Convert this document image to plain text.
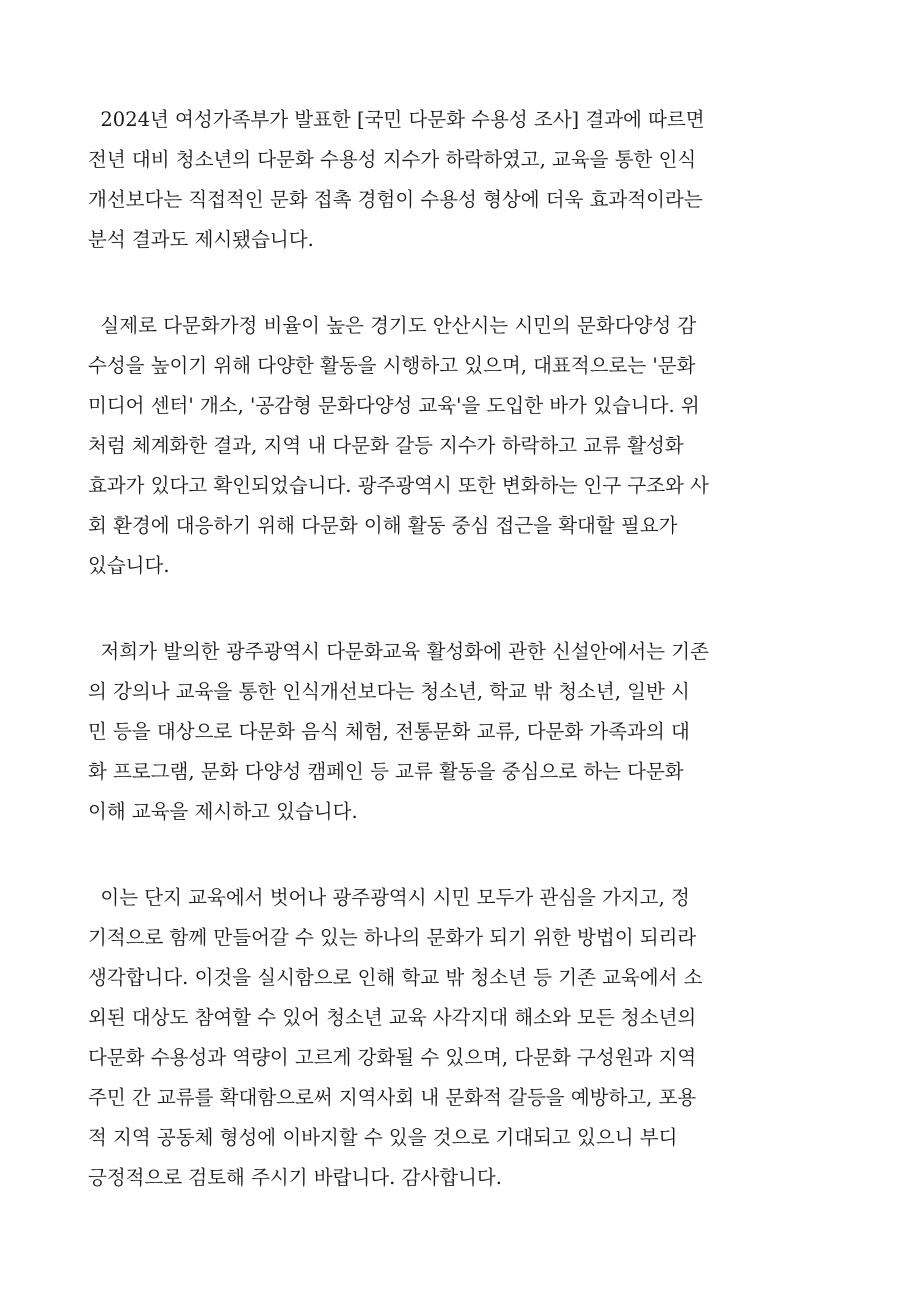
2024년 여성가족부가 발표한 [국민 다문화 수용성 조사] 결과에 따르면
전년 대비 청소년의 다문화 수용성 지수가 하락하였고, 교육을 통한 인식
개선보다는 직접적인 문화 접촉 경험이 수용성 형상에 더욱 효과적이라는
분석 결과도 제시됐습니다.
실제로 다문화가정 비율이 높은 경기도 안산시는 시민의 문화다양성 감
수성을 높이기 위해 다양한 활동을 시행하고 있으며, 대표적으로는 '문화
미디어 센터' 개소, '공감형 문화다양성 교육'을 도입한 바가 있습니다. 위
처럼 체계화한 결과, 지역 내 다문화 갈등 지수가 하락하고 교류 활성화
효과가 있다고 확인되었습니다. 광주광역시 또한 변화하는 인구 구조와 사
회 환경에 대응하기 위해 다문화 이해 활동 중심 접근을 확대할 필요가
있습니다.
저희가 발의한 광주광역시 다문화교육 활성화에 관한 신설안에서는 기존
의 강의나 교육을 통한 인식개선보다는 청소년, 학교 밖 청소년, 일반 시
민 등을 대상으로 다문화 음식 체험, 전통문화 교류, 다문화 가족과의 대
화 프로그램, 문화 다양성 캠페인 등 교류 활동을 중심으로 하는 다문화
이해 교육을 제시하고 있습니다.
이는 단지 교육에서 벗어나 광주광역시 시민 모두가 관심을 가지고, 정
기적으로 함께 만들어갈 수 있는 하나의 문화가 되기 위한 방법이 되리라
생각합니다. 이것을 실시함으로 인해 학교 밖 청소년 등 기존 교육에서 소
외된 대상도 참여할 수 있어 청소년 교육 사각지대 해소와 모든 청소년의
다문화 수용성과 역량이 고르게 강화될 수 있으며, 다문화 구성원과 지역
주민 간 교류를 확대함으로써 지역사회 내 문화적 갈등을 예방하고, 포용
적 지역 공동체 형성에 이바지할 수 있을 것으로 기대되고 있으니 부디
긍정적으로 검토해 주시기 바랍니다. 감사합니다.
